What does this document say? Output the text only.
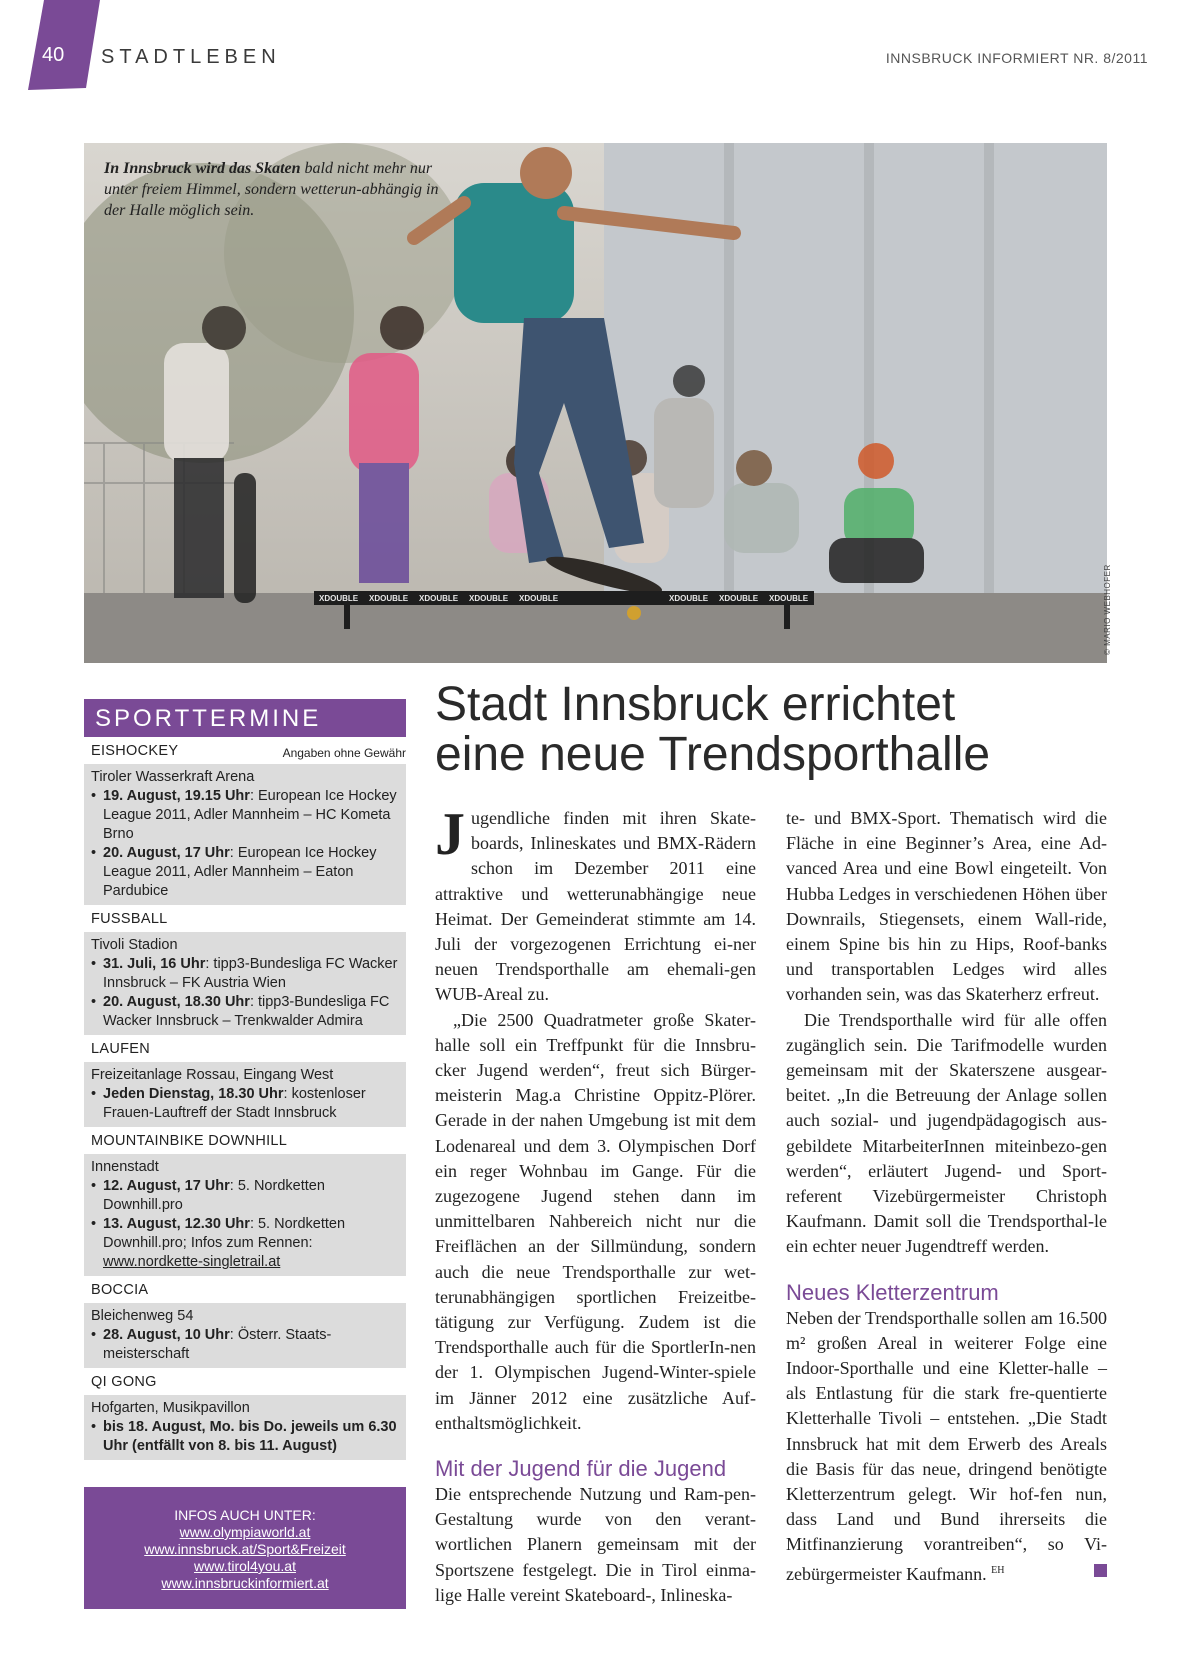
40	STADTLEBEN	INNSBRUCK INFORMIERT NR. 8/2011
XDOUBLE XDOUBLE XDOUBLE XDOUBLE XDOUBLE	XDOUBLE XDOUBLE XDOUBLE
In Innsbruck wird das Skaten bald nicht mehr nur unter freiem Himmel, sondern wetterun-abhängig in der Halle möglich sein.
© MARIO WEBHOFER
SPORTTERMINE
EISHOCKEY	Angaben ohne Gewähr
Tiroler Wasserkraft Arena
• 19. August, 19.15 Uhr: European Ice Hockey League 2011, Adler Mannheim – HC Kometa Brno
• 20. August, 17 Uhr: European Ice Hockey League 2011, Adler Mannheim – Eaton Pardubice
FUSSBALL
Tivoli Stadion
• 31. Juli, 16 Uhr: tipp3-Bundesliga FC Wacker Innsbruck – FK Austria Wien
• 20. August, 18.30 Uhr: tipp3-Bundesliga FC Wacker Innsbruck – Trenkwalder Admira
LAUFEN
Freizeitanlage Rossau, Eingang West
• Jeden Dienstag, 18.30 Uhr: kostenloser Frauen-Lauftreff der Stadt Innsbruck
MOUNTAINBIKE DOWNHILL
Innenstadt
• 12. August, 17 Uhr: 5. Nordketten Downhill.pro
• 13. August, 12.30 Uhr: 5. Nordketten Downhill.pro; Infos zum Rennen:
www.nordkette-singletrail.at
BOCCIA
Bleichenweg 54
• 28. August, 10 Uhr: Österr. Staats-meisterschaft
QI GONG
Hofgarten, Musikpavillon
• bis 18. August, Mo. bis Do. jeweils um 6.30 Uhr (entfällt von 8. bis 11. August)
INFOS AUCH UNTER:
www.olympiaworld.at
www.innsbruck.at/Sport&Freizeit
www.tirol4you.at
www.innsbruckinformiert.at
Stadt Innsbruck errichtet
eine neue Trendsporthalle

Jugendliche finden mit ihren Skate-boards, Inlineskates und BMX-Rädern schon im Dezember 2011 eine attraktive und wetterunabhängige neue Heimat. Der Gemeinderat stimmte am 14. Juli der vorgezogenen Errichtung ei-ner neuen Trendsporthalle am ehemali-gen WUB-Areal zu.

„Die 2500 Quadratmeter große Skater-halle soll ein Treffpunkt für die Innsbru-cker Jugend werden“, freut sich Bürger-meisterin Mag.a Christine Oppitz-Plörer. Gerade in der nahen Umgebung ist mit dem Lodenareal und dem 3. Olympischen Dorf ein reger Wohnbau im Gange. Für die zugezogene Jugend stehen dann im unmittelbaren Nahbereich nicht nur die Freiflächen an der Sillmündung, sondern auch die neue Trendsporthalle zur wet-terunabhängigen sportlichen Freizeitbe-tätigung zur Verfügung. Zudem ist die Trendsporthalle auch für die SportlerIn-nen der 1. Olympischen Jugend-Winter-spiele im Jänner 2012 eine zusätzliche Auf-enthaltsmöglichkeit.

Mit der Jugend für die Jugend

Die entsprechende Nutzung und Ram-pen-Gestaltung wurde von den verant-wortlichen Planern gemeinsam mit der Sportszene festgelegt. Die in Tirol einma-lige Halle vereint Skateboard-, Inlineska-

te- und BMX-Sport. Thematisch wird die Fläche in eine Beginner’s Area, eine Ad-vanced Area und eine Bowl eingeteilt. Von Hubba Ledges in verschiedenen Höhen über Downrails, Stiegensets, einem Wall-ride, einem Spine bis hin zu Hips, Roof-banks und transportablen Ledges wird alles vorhanden sein, was das Skaterherz erfreut.

Die Trendsporthalle wird für alle offen zugänglich sein. Die Tarifmodelle wurden gemeinsam mit der Skaterszene ausgear-beitet. „In die Betreuung der Anlage sollen auch sozial- und jugendpädagogisch aus-gebildete MitarbeiterInnen miteinbezo-gen werden“, erläutert Jugend- und Sport-referent Vizebürgermeister Christoph Kaufmann. Damit soll die Trendsporthal-le ein echter neuer Jugendtreff werden.

Neues Kletterzentrum

Neben der Trendsporthalle sollen am 16.500 m² großen Areal in weiterer Folge eine Indoor-Sporthalle und eine Kletter-halle – als Entlastung für die stark fre-quentierte Kletterhalle Tivoli – entstehen. „Die Stadt Innsbruck hat mit dem Erwerb des Areals die Basis für das neue, dringend benötigte Kletterzentrum gelegt. Wir hof-fen nun, dass Land und Bund ihrerseits die Mitfinanzierung vorantreiben“, so Vi-zebürgermeister Kaufmann. $^{EH}$
